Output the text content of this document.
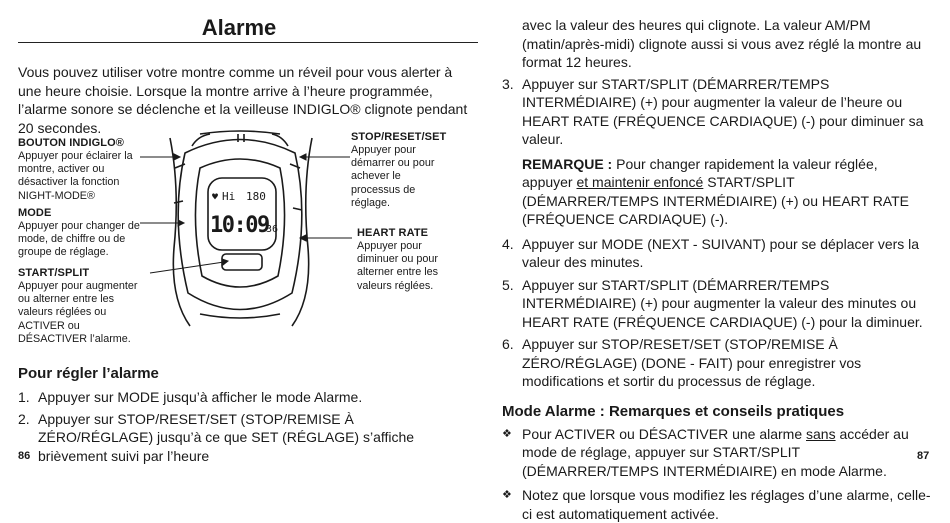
Alarme

Vous pouvez utiliser votre montre comme un réveil pour vous alerter à une heure choisie. Lorsque la montre arrive à l’heure programmée, l’alarme sonore se déclenche et la veilleuse INDIGLO® clignote pendant 20 secondes.

BOUTON INDIGLO®
Appuyer pour éclairer la montre, activer ou désactiver la fonction NIGHT-MODE®
MODE
Appuyer pour changer de mode, de chiffre ou de groupe de réglage.
START/SPLIT
Appuyer pour augmenter ou alterner entre les valeurs réglées ou ACTIVER ou DÉSACTIVER l’alarme.
STOP/RESET/SET
Appuyer pour démarrer ou pour achever le processus de réglage.
HEART RATE
Appuyer pour diminuer ou pour alterner entre les valeurs réglées.
♥ Hi 180
10:09
36
Pour régler l’alarme
1. Appuyer sur MODE jusqu’à afficher le mode Alarme.
2. Appuyer sur STOP/RESET/SET (STOP/REMISE À ZÉRO/RÉGLAGE) jusqu’à ce que SET (RÉGLAGE) s’affiche brièvement suivi par l’heure
86

avec la valeur des heures qui clignote. La valeur AM/PM (matin/après-midi) clignote aussi si vous avez réglé la montre au format 12 heures.

3. Appuyer sur START/SPLIT (DÉMARRER/TEMPS INTERMÉDIAIRE) (+) pour augmenter la valeur de l’heure ou HEART RATE (FRÉQUENCE CARDIAQUE) (-) pour diminuer sa valeur.
REMARQUE : Pour changer rapidement la valeur réglée, appuyer et maintenir enfoncé START/SPLIT (DÉMARRER/TEMPS INTERMÉDIAIRE) (+) ou HEART RATE (FRÉQUENCE CARDIAQUE) (-).
4. Appuyer sur MODE (NEXT - SUIVANT) pour se déplacer vers la valeur des minutes.
5. Appuyer sur START/SPLIT (DÉMARRER/TEMPS INTERMÉDIAIRE) (+) pour augmenter la valeur des minutes ou HEART RATE (FRÉQUENCE CARDIAQUE) (-) pour la diminuer.
6. Appuyer sur STOP/RESET/SET (STOP/REMISE À ZÉRO/RÉGLAGE) (DONE - FAIT) pour enregistrer vos modifications et sortir du processus de réglage.
Mode Alarme : Remarques et conseils pratiques
❖ Pour ACTIVER ou DÉSACTIVER une alarme sans accéder au mode de réglage, appuyer sur START/SPLIT (DÉMARRER/TEMPS INTERMÉDIAIRE) en mode Alarme.
❖ Notez que lorsque vous modifiez les réglages d’une alarme, celle-ci est automatiquement activée.
87
